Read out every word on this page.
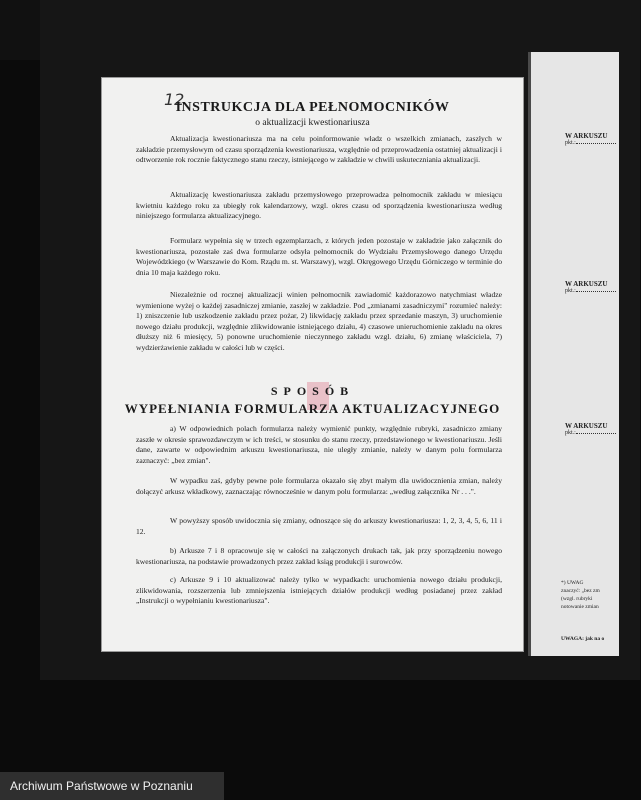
W ARKUSZU
pkt.:
W ARKUSZU
pkt.:
W ARKUSZU
pkt.:
*) UWAG
znaczyć: „bez zm
(wzgl. rubryki
notowanie zmian
UWAGA: jak na o
12
INSTRUKCJA DLA PEŁNOMOCNIKÓW
o aktualizacji kwestionariusza
Aktualizacja kwestionariusza ma na celu poinformowanie władz o wszelkich zmianach, zaszłych w zakładzie przemysłowym od czasu sporządzenia kwestionariusza, względnie od przeprowadzenia ostatniej aktualizacji i odtworzenie rok rocznie faktycznego stanu rzeczy, istniejącego w zakładzie w chwili uskuteczniania aktualizacji.
Aktualizację kwestionariusza zakładu przemysłowego przeprowadza pełnomocnik zakładu w miesiącu kwietniu każdego roku za ubiegły rok kalendarzowy, wzgl. okres czasu od sporządzenia kwestionariusza według niniejszego formularza aktualizacyjnego.
Formularz wypełnia się w trzech egzemplarzach, z których jeden pozostaje w zakładzie jako załącznik do kwestionariusza, pozostałe zaś dwa formularze odsyła pełnomocnik do Wydziału Przemysłowego danego Urzędu Wojewódzkiego (w Warszawie do Kom. Rządu m. st. Warszawy), wzgl. Okręgowego Urzędu Górniczego w terminie do dnia 10 maja każdego roku.
Niezależnie od rocznej aktualizacji winien pełnomocnik zawiadomić każdorazowo natychmiast władze wymienione wyżej o każdej zasadniczej zmianie, zaszłej w zakładzie. Pod „zmianami zasadniczymi" rozumieć należy: 1) zniszczenie lub uszkodzenie zakładu przez pożar, 2) likwidację zakładu przez sprzedanie maszyn, 3) uruchomienie nowego działu produkcji, względnie zlikwidowanie istniejącego działu, 4) czasowe unieruchomienie zakładu na okres dłuższy niż 6 miesięcy, 5) ponowne uruchomienie nieczynnego zakładu wzgl. działu, 6) zmianę właściciela, 7) wydzierżawienie zakładu w całości lub w części.
SPOSÓB
WYPEŁNIANIA FORMULARZA AKTUALIZACYJNEGO
a) W odpowiednich polach formularza należy wymienić punkty, względnie rubryki, zasadniczo zmiany zaszłe w okresie sprawozdawczym w ich treści, w stosunku do stanu rzeczy, przedstawionego w kwestionariuszu. Jeśli dane, zawarte w odpowiednim arkuszu kwestionariusza, nie uległy zmianie, należy w danym polu formularza zaznaczyć: „bez zmian".
W wypadku zaś, gdyby pewne pole formularza okazało się zbyt małym dla uwidocznienia zmian, należy dołączyć arkusz wkładkowy, zaznaczając równocześnie w danym polu formularza: „według załącznika Nr . . .".
W powyższy sposób uwidocznia się zmiany, odnoszące się do arkuszy kwestionariusza: 1, 2, 3, 4, 5, 6, 11 i 12.
b) Arkusze 7 i 8 opracowuje się w całości na załączonych drukach tak, jak przy sporządzeniu nowego kwestionariusza, na podstawie prowadzonych przez zakład ksiąg produkcji i surowców.
c) Arkusze 9 i 10 aktualizować należy tylko w wypadkach: uruchomienia nowego działu produkcji, zlikwidowania, rozszerzenia lub zmniejszenia istniejących działów produkcji według posiadanej przez zakład „Instrukcji o wypełnianiu kwestionariusza".
Archiwum Państwowe w Poznaniu
